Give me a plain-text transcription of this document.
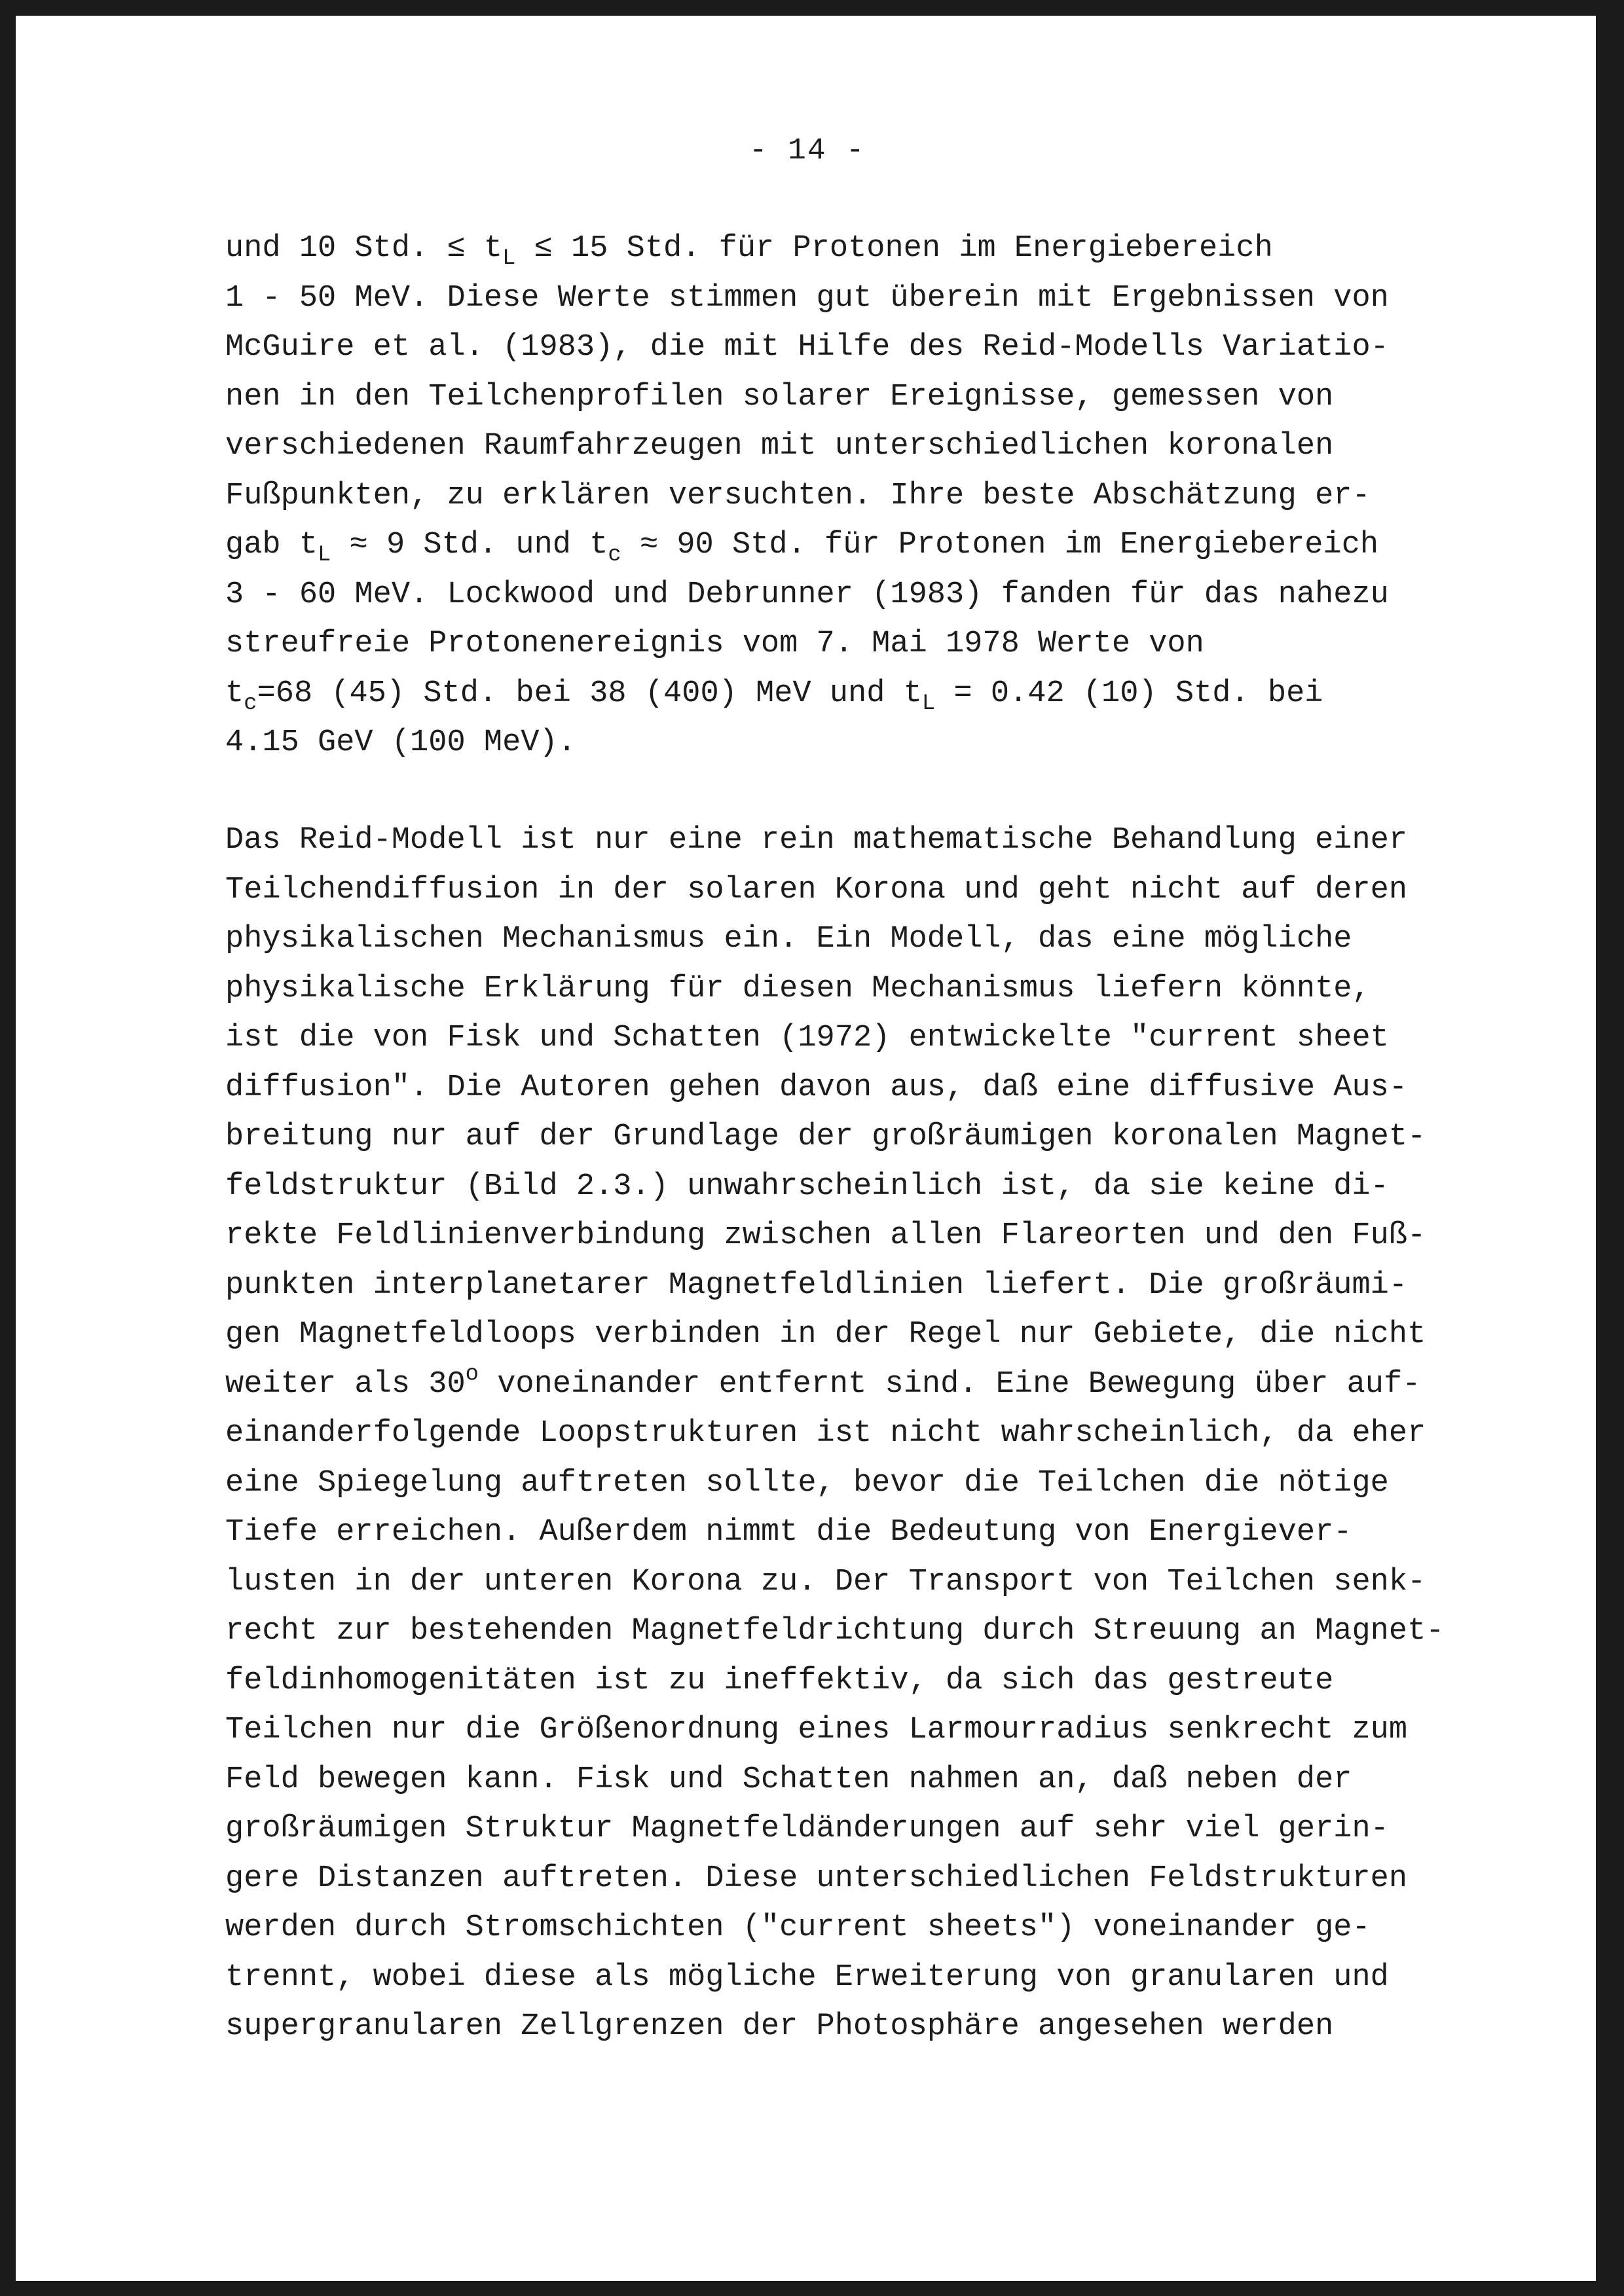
- 14 -
und 10 Std. ≤ $t_L \le 15$ Std. für Protonen im Energiebereich
1 - 50 MeV. Diese Werte stimmen gut überein mit Ergebnissen von
McGuire et al. (1983), die mit Hilfe des Reid-Modells Variatio-
nen in den Teilchenprofilen solarer Ereignisse, gemessen von
verschiedenen Raumfahrzeugen mit unterschiedlichen koronalen
Fußpunkten, zu erklären versuchten. Ihre beste Abschätzung er-
gab $t_L \approx 9$ Std. und $t_c \approx 90$ Std. für Protonen im Energiebereich
3 - 60 MeV. Lockwood und Debrunner (1983) fanden für das nahezu
streufreie Protonenereignis vom 7. Mai 1978 Werte von
$t_c=68$ (45) Std. bei 38 (400) MeV und $t_L = 0.42$ (10) Std. bei
4.15 GeV (100 MeV).
Das Reid-Modell ist nur eine rein mathematische Behandlung einer
Teilchendiffusion in der solaren Korona und geht nicht auf deren
physikalischen Mechanismus ein. Ein Modell, das eine mögliche
physikalische Erklärung für diesen Mechanismus liefern könnte,
ist die von Fisk und Schatten (1972) entwickelte "current sheet
diffusion". Die Autoren gehen davon aus, daß eine diffusive Aus-
breitung nur auf der Grundlage der großräumigen koronalen Magnet-
feldstruktur (Bild 2.3.) unwahrscheinlich ist, da sie keine di-
rekte Feldlinienverbindung zwischen allen Flareorten und den Fuß-
punkten interplanetarer Magnetfeldlinien liefert. Die großräumi-
gen Magnetfeldloops verbinden in der Regel nur Gebiete, die nicht
weiter als 30$^o$ voneinander entfernt sind. Eine Bewegung über auf-
einanderfolgende Loopstrukturen ist nicht wahrscheinlich, da eher
eine Spiegelung auftreten sollte, bevor die Teilchen die nötige
Tiefe erreichen. Außerdem nimmt die Bedeutung von Energiever-
lusten in der unteren Korona zu. Der Transport von Teilchen senk-
recht zur bestehenden Magnetfeldrichtung durch Streuung an Magnet-
feldinhomogenitäten ist zu ineffektiv, da sich das gestreute
Teilchen nur die Größenordnung eines Larmourradius senkrecht zum
Feld bewegen kann. Fisk und Schatten nahmen an, daß neben der
großräumigen Struktur Magnetfeldänderungen auf sehr viel gerin-
gere Distanzen auftreten. Diese unterschiedlichen Feldstrukturen
werden durch Stromschichten ("current sheets") voneinander ge-
trennt, wobei diese als mögliche Erweiterung von granularen und
supergranularen Zellgrenzen der Photosphäre angesehen werden
